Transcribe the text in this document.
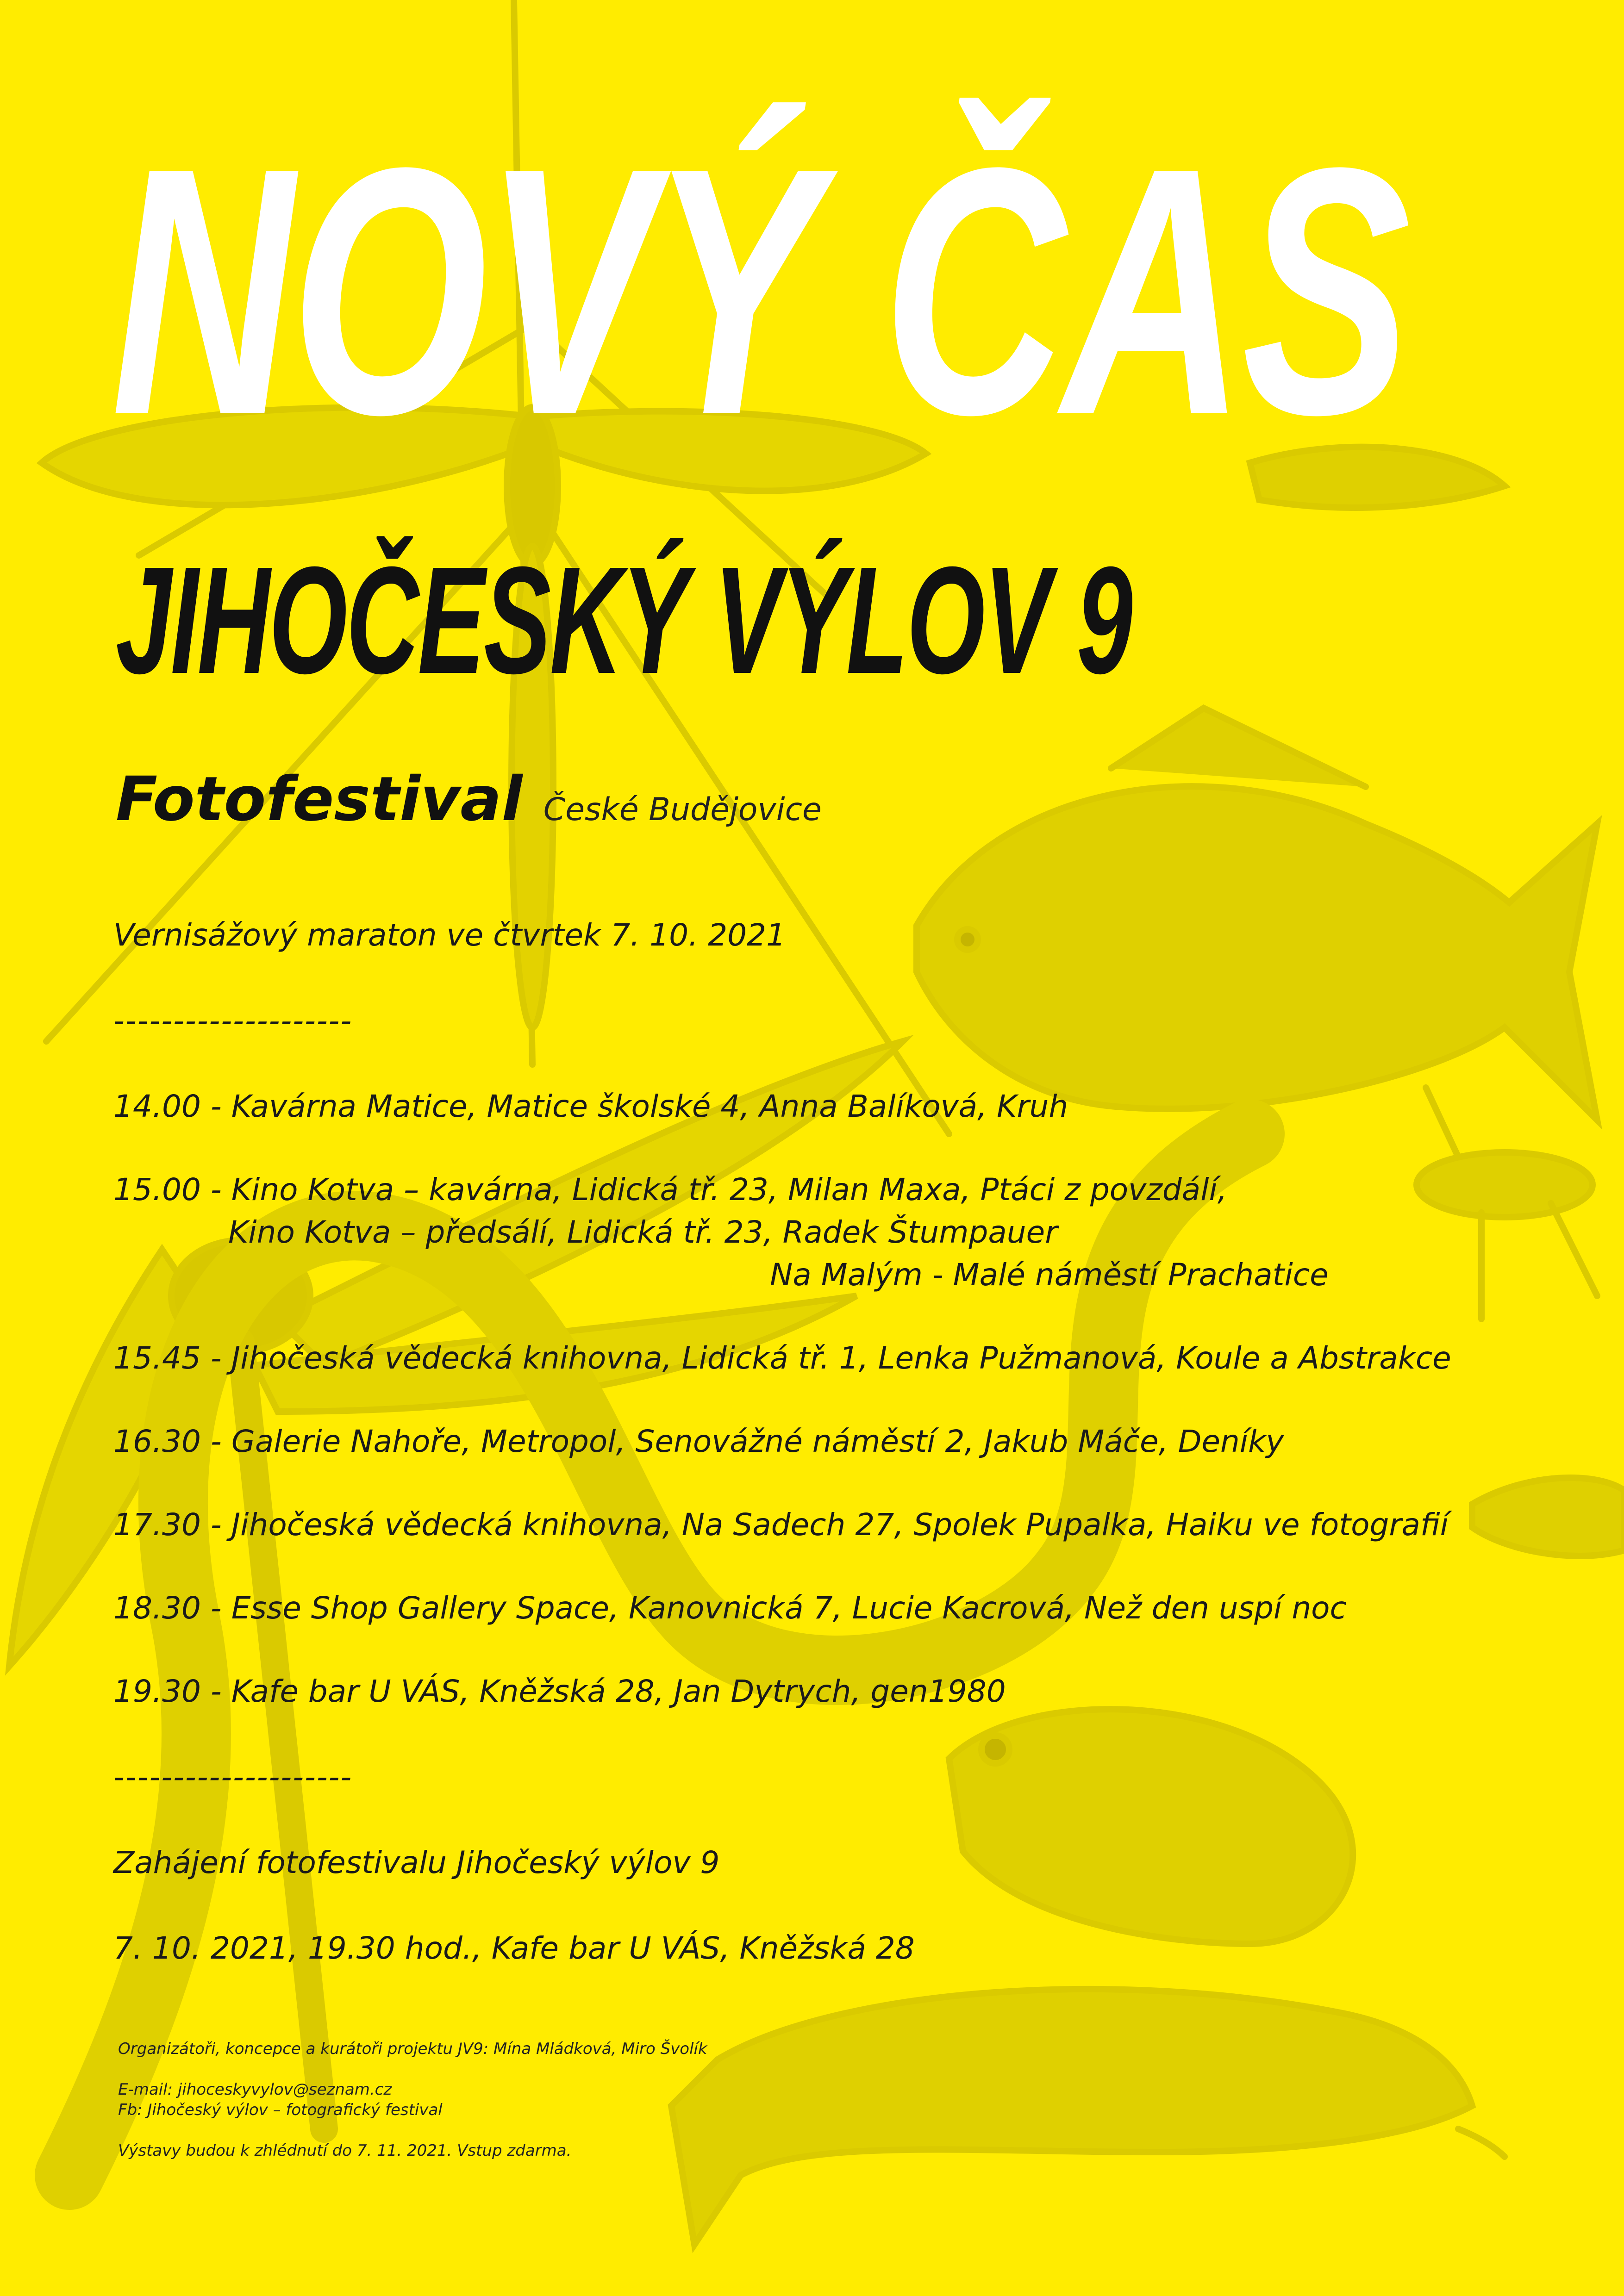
NOVÝ ČAS
JIHOČESKÝ VÝLOV 9
Fotofestival České Budějovice

Vernisážový maraton ve čtvrtek 7. 10. 2021

--------------------

14.00 - Kavárna Matice, Matice školské 4, Anna Balíková, Kruh

15.00 - Kino Kotva – kavárna, Lidická tř. 23, Milan Maxa, Ptáci z povzdálí,

Kino Kotva – předsálí, Lidická tř. 23, Radek Štumpauer

Na Malým - Malé náměstí Prachatice

15.45 - Jihočeská vědecká knihovna, Lidická tř. 1, Lenka Pužmanová, Koule a Abstrakce

16.30 - Galerie Nahoře, Metropol, Senovážné náměstí 2, Jakub Máče, Deníky

17.30 - Jihočeská vědecká knihovna, Na Sadech 27, Spolek Pupalka, Haiku ve fotografií

18.30 - Esse Shop Gallery Space, Kanovnická 7, Lucie Kacrová, Než den uspí noc

19.30 - Kafe bar U VÁS, Kněžská 28, Jan Dytrych, gen1980

--------------------

Zahájení fotofestivalu Jihočeský výlov 9

7. 10. 2021, 19.30 hod., Kafe bar U VÁS, Kněžská 28

Organizátoři, koncepce a kurátoři projektu JV9: Mína Mládková, Miro Švolík

E-mail: jihoceskyvylov@seznam.cz

Fb: Jihočeský výlov – fotografický festival

Výstavy budou k zhlédnutí do 7. 11. 2021. Vstup zdarma.
